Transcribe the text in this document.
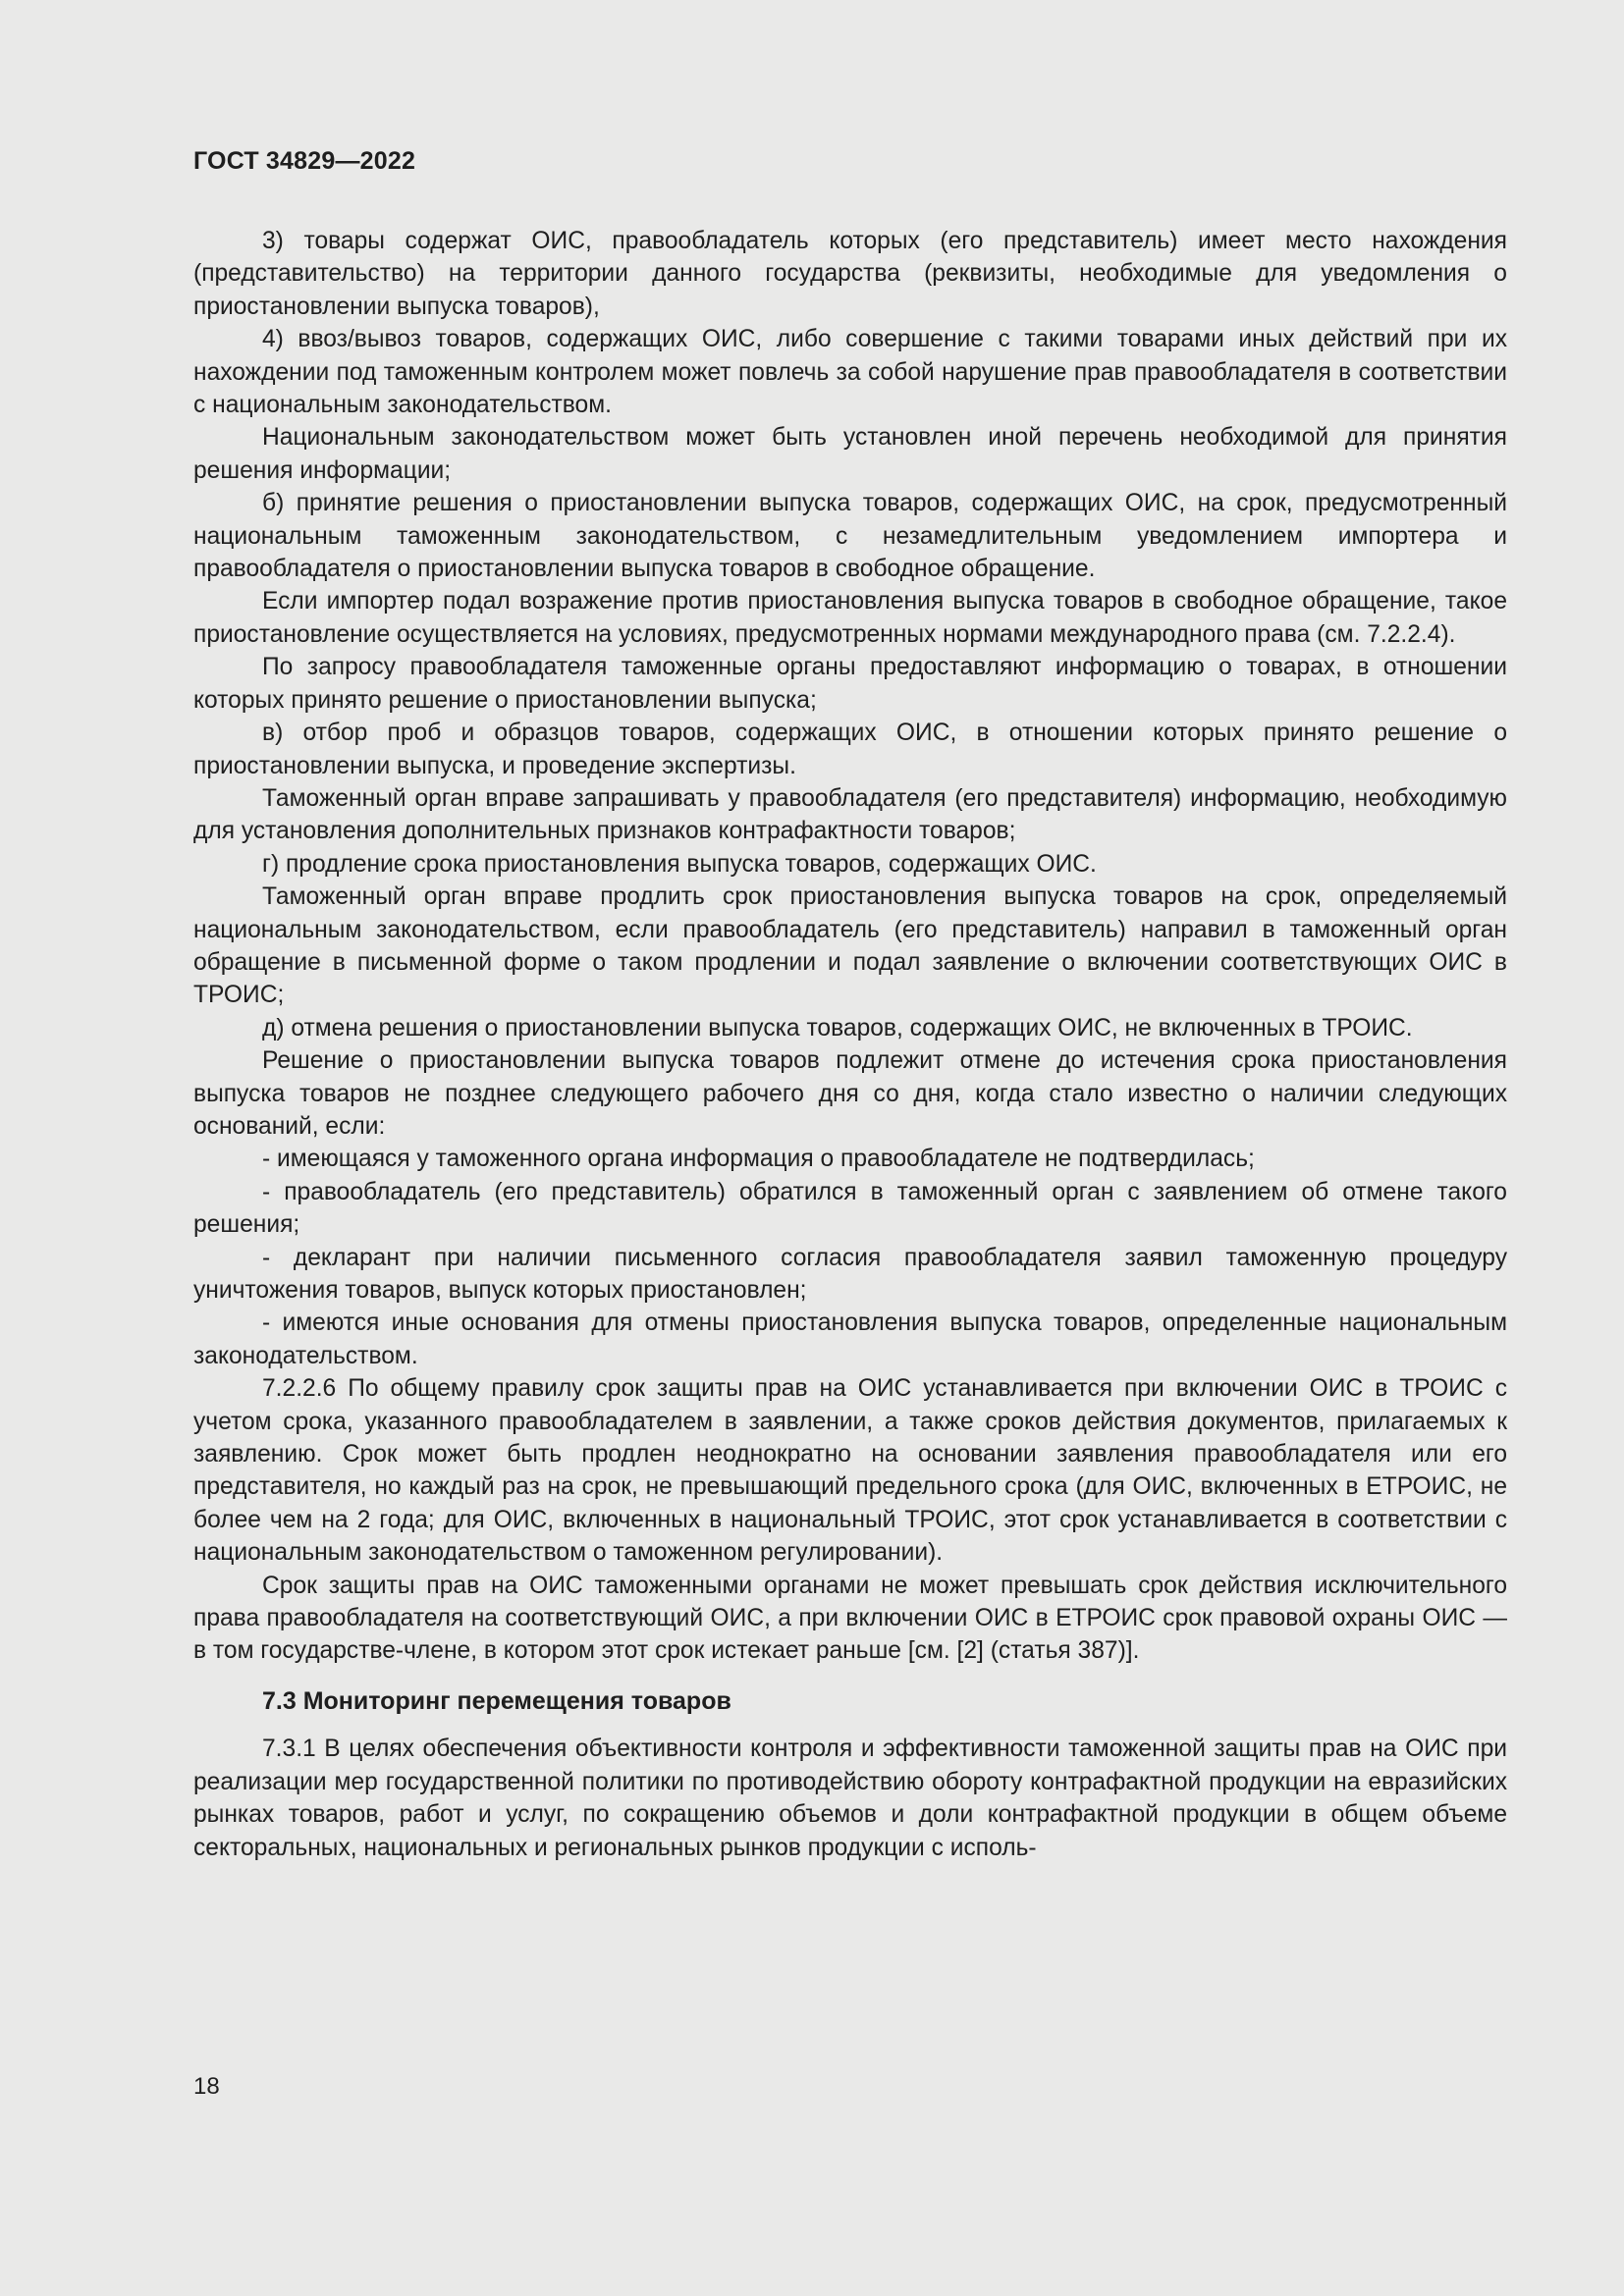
ГОСТ 34829—2022

3) товары содержат ОИС, правообладатель которых (его представитель) имеет место нахождения (представительство) на территории данного государства (реквизиты, необходимые для уведомления о приостановлении выпуска товаров),

4) ввоз/вывоз товаров, содержащих ОИС, либо совершение с такими товарами иных действий при их нахождении под таможенным контролем может повлечь за собой нарушение прав правообладателя в соответствии с национальным законодательством.

Национальным законодательством может быть установлен иной перечень необходимой для принятия решения информации;

б) принятие решения о приостановлении выпуска товаров, содержащих ОИС, на срок, предусмотренный национальным таможенным законодательством, с незамедлительным уведомлением импортера и правообладателя о приостановлении выпуска товаров в свободное обращение.

Если импортер подал возражение против приостановления выпуска товаров в свободное обращение, такое приостановление осуществляется на условиях, предусмотренных нормами международного права (см. 7.2.2.4).

По запросу правообладателя таможенные органы предоставляют информацию о товарах, в отношении которых принято решение о приостановлении выпуска;

в) отбор проб и образцов товаров, содержащих ОИС, в отношении которых принято решение о приостановлении выпуска, и проведение экспертизы.

Таможенный орган вправе запрашивать у правообладателя (его представителя) информацию, необходимую для установления дополнительных признаков контрафактности товаров;

г) продление срока приостановления выпуска товаров, содержащих ОИС.

Таможенный орган вправе продлить срок приостановления выпуска товаров на срок, определяемый национальным законодательством, если правообладатель (его представитель) направил в таможенный орган обращение в письменной форме о таком продлении и подал заявление о включении соответствующих ОИС в ТРОИС;

д) отмена решения о приостановлении выпуска товаров, содержащих ОИС, не включенных в ТРОИС.

Решение о приостановлении выпуска товаров подлежит отмене до истечения срока приостановления выпуска товаров не позднее следующего рабочего дня со дня, когда стало известно о наличии следующих оснований, если:

- имеющаяся у таможенного органа информация о правообладателе не подтвердилась;

- правообладатель (его представитель) обратился в таможенный орган с заявлением об отмене такого решения;

- декларант при наличии письменного согласия правообладателя заявил таможенную процедуру уничтожения товаров, выпуск которых приостановлен;

- имеются иные основания для отмены приостановления выпуска товаров, определенные национальным законодательством.

7.2.2.6 По общему правилу срок защиты прав на ОИС устанавливается при включении ОИС в ТРОИС с учетом срока, указанного правообладателем в заявлении, а также сроков действия документов, прилагаемых к заявлению. Срок может быть продлен неоднократно на основании заявления правообладателя или его представителя, но каждый раз на срок, не превышающий предельного срока (для ОИС, включенных в ЕТРОИС, не более чем на 2 года; для ОИС, включенных в национальный ТРОИС, этот срок устанавливается в соответствии с национальным законодательством о таможенном регулировании).

Срок защиты прав на ОИС таможенными органами не может превышать срок действия исключительного права правообладателя на соответствующий ОИС, а при включении ОИС в ЕТРОИС срок правовой охраны ОИС — в том государстве-члене, в котором этот срок истекает раньше [см. [2] (статья 387)].

7.3 Мониторинг перемещения товаров

7.3.1 В целях обеспечения объективности контроля и эффективности таможенной защиты прав на ОИС при реализации мер государственной политики по противодействию обороту контрафактной продукции на евразийских рынках товаров, работ и услуг, по сокращению объемов и доли контрафактной продукции в общем объеме секторальных, национальных и региональных рынков продукции с исполь-

18
